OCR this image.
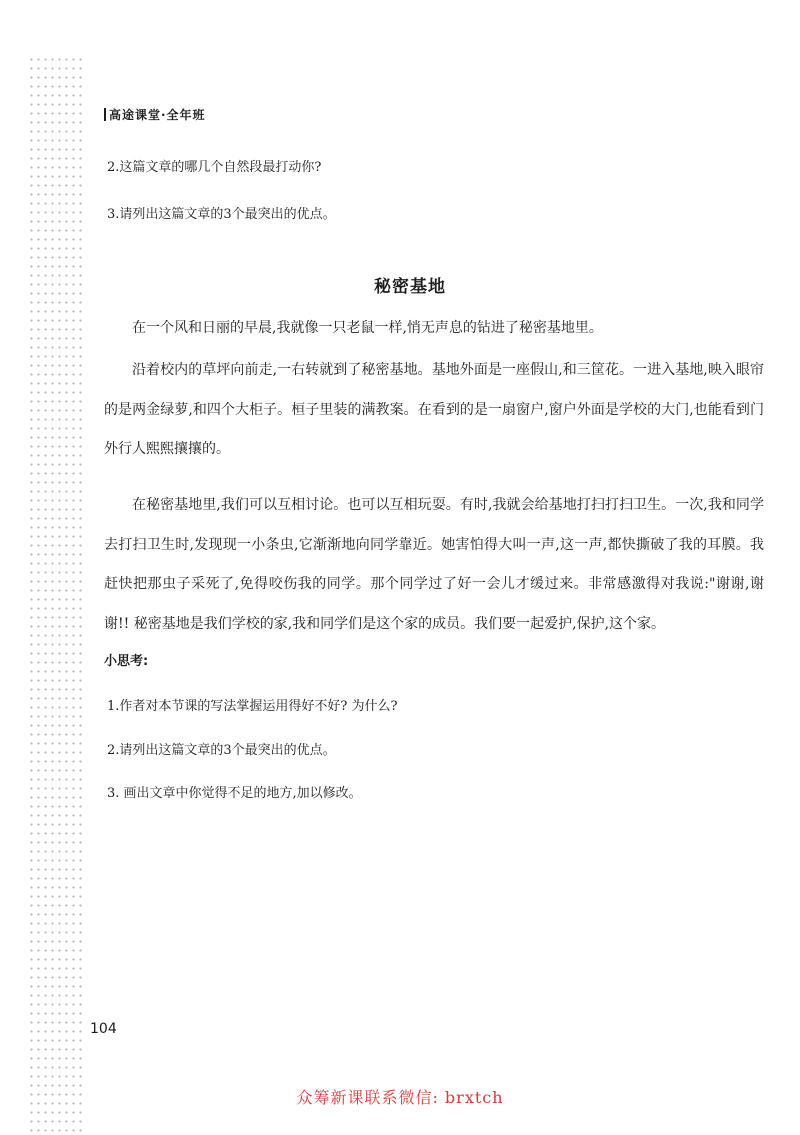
高途课堂·全年班
2.这篇文章的哪几个自然段最打动你?
3.请列出这篇文章的3个最突出的优点。
秘密基地

在一个风和日丽的早晨,我就像一只老鼠一样,悄无声息的钻进了秘密基地里。

沿着校内的草坪向前走,一右转就到了秘密基地。基地外面是一座假山,和三筐花。一进入基地,映入眼帘的是两金绿萝,和四个大柜子。桓子里装的满教案。在看到的是一扇窗户,窗户外面是学校的大门,也能看到门外行人熙熙攘攘的。

在秘密基地里,我们可以互相讨论。也可以互相玩耍。有时,我就会给基地打扫打扫卫生。一次,我和同学去打扫卫生时,发现现一小条虫,它渐渐地向同学靠近。她害怕得大叫一声,这一声,都快撕破了我的耳膜。我赶快把那虫子采死了,免得咬伤我的同学。那个同学过了好一会儿才缓过来。非常感激得对我说:"谢谢,谢谢!! 秘密基地是我们学校的家,我和同学们是这个家的成员。我们要一起爱护,保护,这个家。

小思考:
1.作者对本节课的写法掌握运用得好不好? 为什么?
2.请列出这篇文章的3个最突出的优点。
3. 画出文章中你觉得不足的地方,加以修改。
104
众筹新课联系微信: brxtch
